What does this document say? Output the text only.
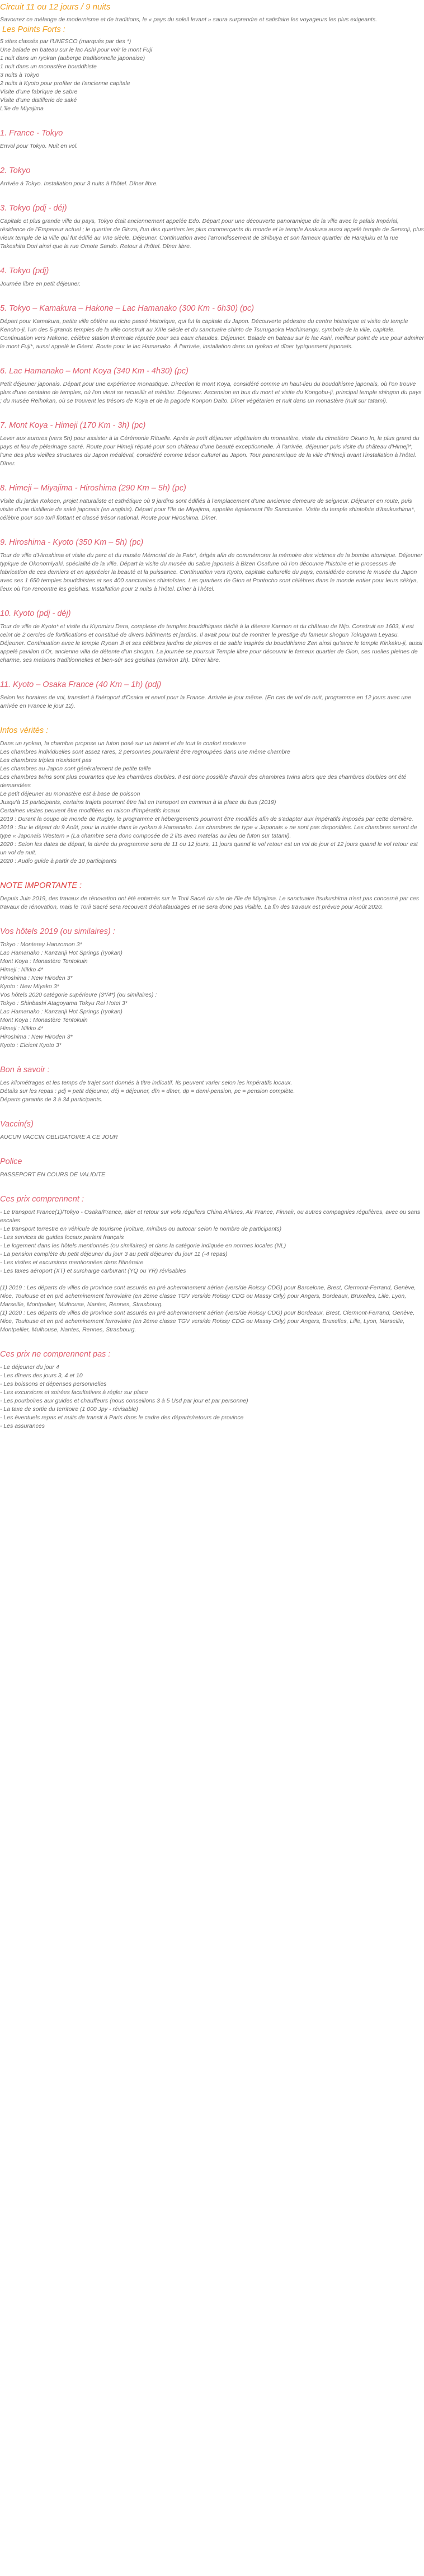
Circuit 11 ou 12 jours / 9 nuits

Savourez ce mélange de modernisme et de traditions, le « pays du soleil levant » saura surprendre et satisfaire les voyageurs les plus exigeants.

Les Points Forts :
5 sites classés par l'UNESCO (marqués par des *)
Une balade en bateau sur le lac Ashi pour voir le mont Fuji
1 nuit dans un ryokan (auberge traditionnelle japonaise)
1 nuit dans un monastère bouddhiste
3 nuits à Tokyo
2 nuits à Kyoto pour profiter de l'ancienne capitale
Visite d'une fabrique de sabre
Visite d'une distillerie de saké
L'île de Miyajima
1. France - Tokyo

Envol pour Tokyo. Nuit en vol.

2. Tokyo

Arrivée à Tokyo. Installation pour 3 nuits à l'hôtel. Dîner libre.

3. Tokyo (pdj - déj)

Capitale et plus grande ville du pays, Tokyo était anciennement appelée Edo. Départ pour une découverte panoramique de la ville avec le palais Impérial, résidence de l'Empereur actuel ; le quartier de Ginza, l'un des quartiers les plus commerçants du monde et le temple Asakusa aussi appelé temple de Sensoji, plus vieux temple de la ville qui fut édifié au VIIe siècle. Déjeuner. Continuation avec l'arrondissement de Shibuya et son fameux quartier de Harajuku et la rue Takeshita Dori ainsi que la rue Omote Sando. Retour à l'hôtel. Dîner libre.

4. Tokyo (pdj)

Journée libre en petit déjeuner.

5. Tokyo – Kamakura – Hakone – Lac Hamanako (300 Km - 6h30) (pc)

Départ pour Kamakura, petite ville côtière au riche passé historique, qui fut la capitale du Japon. Découverte pédestre du centre historique et visite du temple Kencho-ji, l'un des 5 grands temples de la ville construit au XIIIe siècle et du sanctuaire shinto de Tsurugaoka Hachimangu, symbole de la ville, capitale. Continuation vers Hakone, célèbre station thermale réputée pour ses eaux chaudes. Déjeuner. Balade en bateau sur le lac Ashi, meilleur point de vue pour admirer le mont Fuji*, aussi appelé le Géant. Route pour le lac Hamanako. À l'arrivée, installation dans un ryokan et dîner typiquement japonais.

6. Lac Hamanako – Mont Koya (340 Km - 4h30) (pc)

Petit déjeuner japonais. Départ pour une expérience monastique. Direction le mont Koya, considéré comme un haut-lieu du bouddhisme japonais, où l'on trouve plus d'une centaine de temples, où l'on vient se recueillir et méditer. Déjeuner. Ascension en bus du mont et visite du Kongobu-ji, principal temple shingon du pays ; du musée Reihokan, où se trouvent les trésors de Koya et de la pagode Konpon Daito. Dîner végétarien et nuit dans un monastère (nuit sur tatami).

7. Mont Koya - Himeji (170 Km - 3h) (pc)

Lever aux aurores (vers 5h) pour assister à la Cérémonie Rituelle. Après le petit déjeuner végétarien du monastère, visite du cimetière Okuno In, le plus grand du pays et lieu de pèlerinage sacré. Route pour Himeji réputé pour son château d'une beauté exceptionnelle. À l'arrivée, déjeuner puis visite du château d'Himeji*, l'une des plus vieilles structures du Japon médiéval, considéré comme trésor culturel au Japon. Tour panoramique de la ville d'Himeji avant l'installation à l'hôtel. Dîner.

8. Himeji – Miyajima - Hiroshima (290 Km – 5h) (pc)

Visite du jardin Kokoen, projet naturaliste et esthétique où 9 jardins sont édifiés à l'emplacement d'une ancienne demeure de seigneur. Déjeuner en route, puis visite d'une distillerie de saké japonais (en anglais). Départ pour l'île de Miyajima, appelée également l'île Sanctuaire. Visite du temple shintoïste d'Itsukushima*, célèbre pour son torii flottant et classé trésor national. Route pour Hiroshima. Dîner.

9. Hiroshima - Kyoto (350 Km – 5h) (pc)

Tour de ville d'Hiroshima et visite du parc et du musée Mémorial de la Paix*, érigés afin de commémorer la mémoire des victimes de la bombe atomique. Déjeuner typique de Okonomiyaki, spécialité de la ville. Départ la visite du musée du sabre japonais à Bizen Osafune où l'on découvre l'histoire et le processus de fabrication de ces derniers et en apprécier la beauté et la puissance. Continuation vers Kyoto, capitale culturelle du pays, considérée comme le musée du Japon avec ses 1 650 temples bouddhistes et ses 400 sanctuaires shintoïstes. Les quartiers de Gion et Pontocho sont célèbres dans le monde entier pour leurs sékiya, lieux où l'on rencontre les geishas. Installation pour 2 nuits à l'hôtel. Dîner à l'hôtel.

10. Kyoto (pdj - déj)

Tour de ville de Kyoto* et visite du Kiyomizu Dera, complexe de temples bouddhiques dédié à la déesse Kannon et du château de Nijo. Construit en 1603, il est ceint de 2 cercles de fortifications et constitué de divers bâtiments et jardins. Il avait pour but de montrer le prestige du fameux shogun Tokugawa Leyasu. Déjeuner. Continuation avec le temple Ryoan Ji et ses célèbres jardins de pierres et de sable inspirés du bouddhisme Zen ainsi qu'avec le temple Kinkaku-ji, aussi appelé pavillon d'Or, ancienne villa de détente d'un shogun. La journée se poursuit Temple libre pour découvrir le fameux quartier de Gion, ses ruelles pleines de charme, ses maisons traditionnelles et bien-sûr ses geishas (environ 1h). Dîner libre.

11. Kyoto – Osaka France (40 Km – 1h) (pdj)

Selon les horaires de vol, transfert à l'aéroport d'Osaka et envol pour la France. Arrivée le jour même. (En cas de vol de nuit, programme en 12 jours avec une arrivée en France le jour 12).

Infos vérités :
Dans un ryokan, la chambre propose un futon posé sur un tatami et de tout le confort moderne
Les chambres individuelles sont assez rares, 2 personnes pourraient être regroupées dans une même chambre
Les chambres triples n'existent pas
Les chambres au Japon sont généralement de petite taille
Les chambres twins sont plus courantes que les chambres doubles. Il est donc possible d'avoir des chambres twins alors que des chambres doubles ont été demandées
Le petit déjeuner au monastère est à base de poisson
Jusqu'à 15 participants, certains trajets pourront être fait en transport en commun à la place du bus (2019)
Certaines visites peuvent être modifiées en raison d'impératifs locaux
2019 : Durant la coupe de monde de Rugby, le programme et hébergements pourront être modifiés afin de s'adapter aux impératifs imposés par cette dernière.
2019 : Sur le départ du 9 Août, pour la nuitée dans le ryokan à Hamanako. Les chambres de type « Japonais » ne sont pas disponibles. Les chambres seront de type « Japonais Western » (La chambre sera donc composée de 2 lits avec matelas au lieu de futon sur tatami).
2020 : Selon les dates de départ, la durée du programme sera de 11 ou 12 jours, 11 jours quand le vol retour est un vol de jour et 12 jours quand le vol retour est un vol de nuit.
2020 : Audio guide à partir de 10 participants
NOTE IMPORTANTE :

Depuis Juin 2019, des travaux de rénovation ont été entamés sur le Torii Sacré du site de l'île de Miyajima. Le sanctuaire Itsukushima n'est pas concerné par ces travaux de rénovation, mais le Torii Sacré sera recouvert d'échafaudages et ne sera donc pas visible. La fin des travaux est prévue pour Août 2020.

Vos hôtels 2019 (ou similaires) :
Tokyo : Monterey Hanzomon 3*
Lac Hamanako : Kanzanji Hot Springs (ryokan)
Mont Koya : Monastère Tentokuin
Himeji : Nikko 4*
Hiroshima : New Hiroden 3*
Kyoto : New Miyako 3*
Vos hôtels 2020 catégorie supérieure (3*/4*) (ou similaires) :
Tokyo : Shinbashi Atagoyama Tokyu Rei Hotel 3*
Lac Hamanako : Kanzanji Hot Springs (ryokan)
Mont Koya : Monastère Tentokuin
Himeji : Nikko 4*
Hiroshima : New Hiroden 3*
Kyoto : Elcient Kyoto 3*
Bon à savoir :
Les kilométrages et les temps de trajet sont donnés à titre indicatif. Ils peuvent varier selon les impératifs locaux.
Détails sur les repas : pdj = petit déjeuner, déj = déjeuner, dîn = dîner, dp = demi-pension, pc = pension complète.
Départs garantis de 3 à 34 participants.
Vaccin(s)

AUCUN VACCIN OBLIGATOIRE A CE JOUR

Police

PASSEPORT EN COURS DE VALIDITE

Ces prix comprennent :
- Le transport France(1)/Tokyo - Osaka/France, aller et retour sur vols réguliers China Airlines, Air France, Finnair, ou autres compagnies régulières, avec ou sans escales
- Le transport terrestre en véhicule de tourisme (voiture, minibus ou autocar selon le nombre de participants)
- Les services de guides locaux parlant français
- Le logement dans les hôtels mentionnés (ou similaires) et dans la catégorie indiquée en normes locales (NL)
- La pension complète du petit déjeuner du jour 3 au petit déjeuner du jour 11 (-4 repas)
- Les visites et excursions mentionnées dans l'itinéraire
- Les taxes aéroport (XT) et surcharge carburant (YQ ou YR) révisables
(1) 2019 : Les départs de villes de province sont assurés en pré acheminement aérien (vers/de Roissy CDG) pour Barcelone, Brest, Clermont-Ferrand, Genève, Nice, Toulouse et en pré acheminement ferroviaire (en 2ème classe TGV vers/de Roissy CDG ou Massy Orly) pour Angers, Bordeaux, Bruxelles, Lille, Lyon, Marseille, Montpellier, Mulhouse, Nantes, Rennes, Strasbourg.
(1) 2020 : Les départs de villes de province sont assurés en pré acheminement aérien (vers/de Roissy CDG) pour Bordeaux, Brest, Clermont-Ferrand, Genève, Nice, Toulouse et en pré acheminement ferroviaire (en 2ème classe TGV vers/de Roissy CDG ou Massy Orly) pour Angers, Bruxelles, Lille, Lyon, Marseille, Montpellier, Mulhouse, Nantes, Rennes, Strasbourg.
Ces prix ne comprennent pas :
- Le déjeuner du jour 4
- Les dîners des jours 3, 4 et 10
- Les boissons et dépenses personnelles
- Les excursions et soirées facultatives à régler sur place
- Les pourboires aux guides et chauffeurs (nous conseillons 3 à 5 Usd par jour et par personne)
- La taxe de sortie du territoire (1 000 Jpy - révisable)
- Les éventuels repas et nuits de transit à Paris dans le cadre des départs/retours de province
- Les assurances
